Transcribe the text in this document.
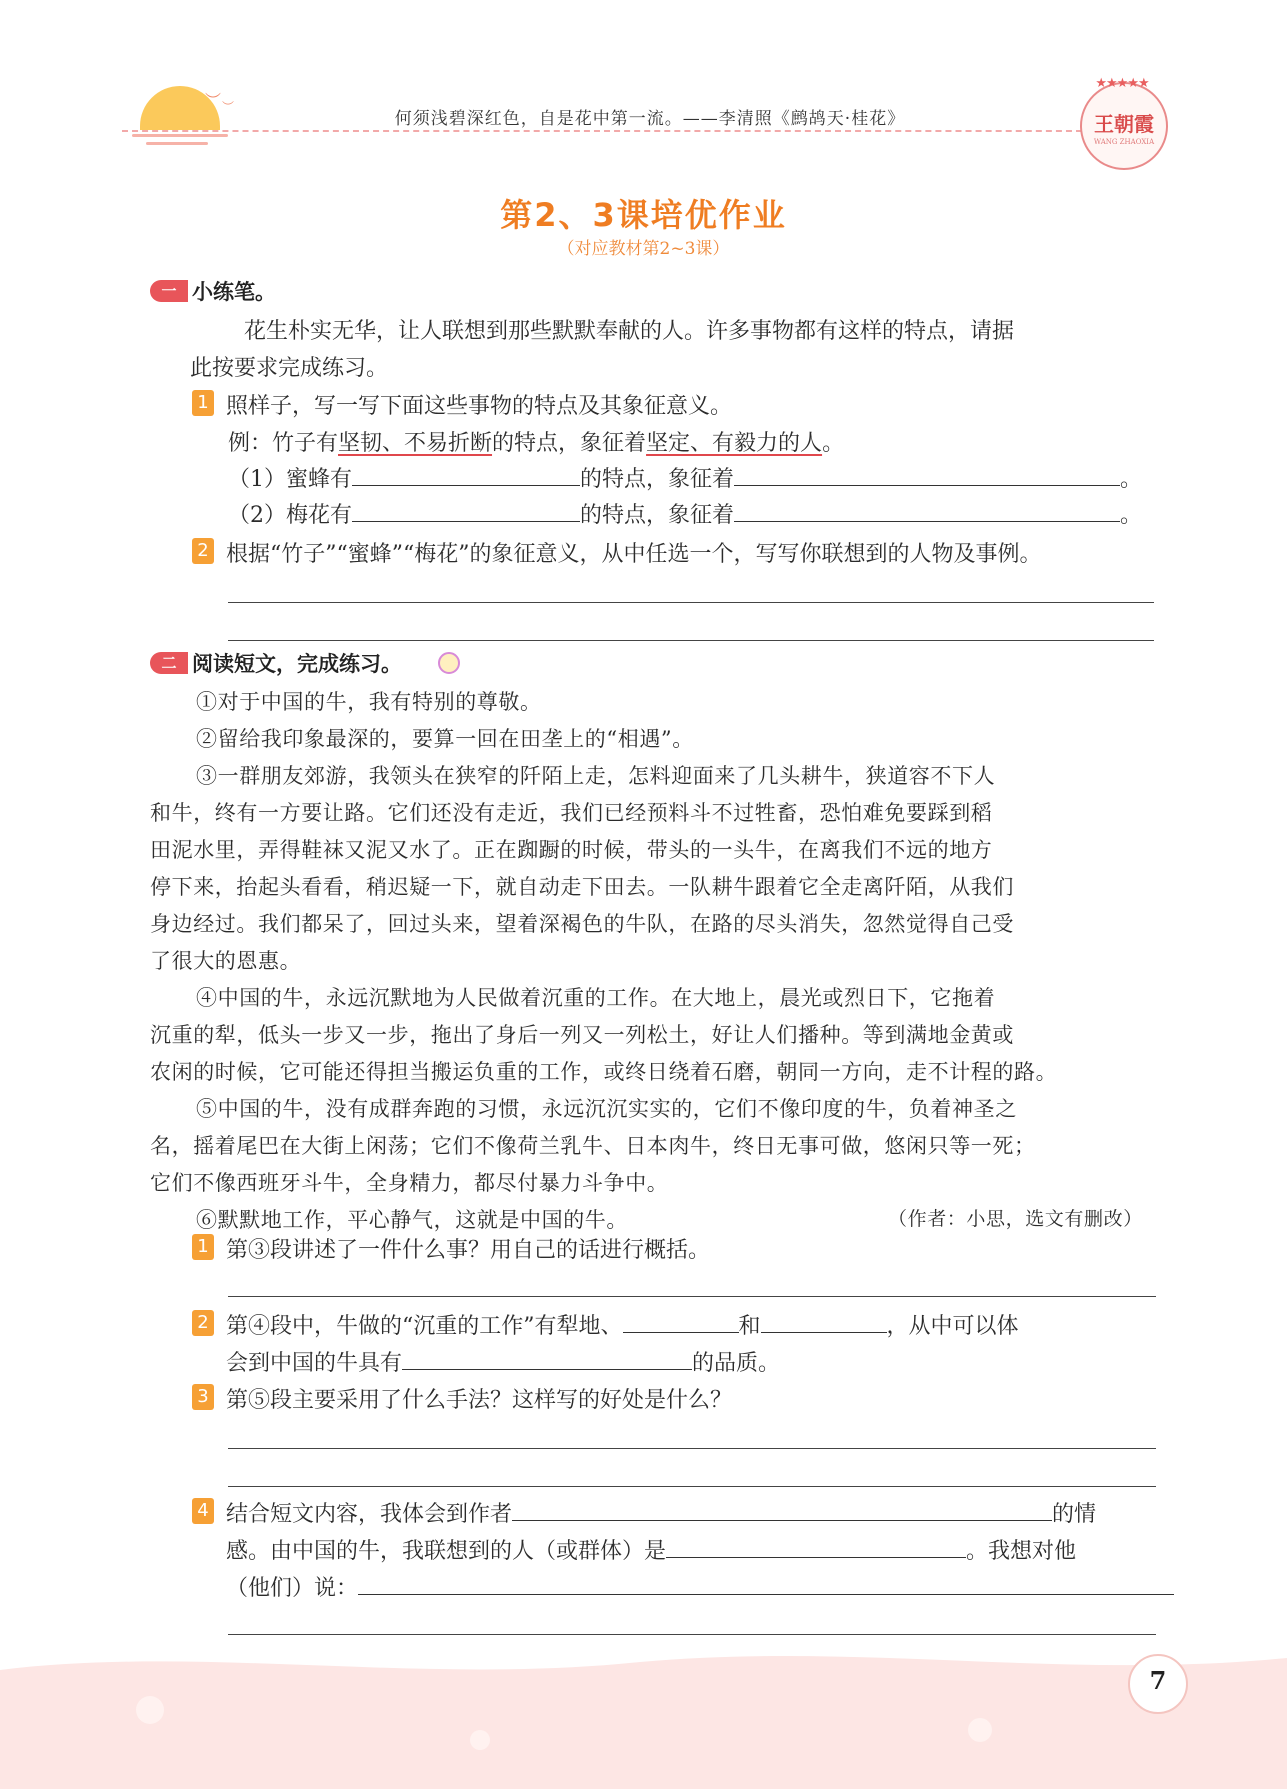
︶ ︶
何须浅碧深红色，自是花中第一流。——李清照《鹧鸪天·桂花》
★★★★★
王朝霞
WANG ZHAOXIA
第2、3课培优作业
（对应教材第2~3课）
一 小练笔。
花生朴实无华，让人联想到那些默默奉献的人。许多事物都有这样的特点，请据
此按要求完成练习。
1 照样子，写一写下面这些事物的特点及其象征意义。
例：竹子有坚韧、不易折断的特点，象征着坚定、有毅力的人。
（1）蜜蜂有	的特点，象征着	。
（2）梅花有	的特点，象征着	。
2 根据“竹子”“蜜蜂”“梅花”的象征意义，从中任选一个，写写你联想到的人物及事例。
二 阅读短文，完成练习。
①对于中国的牛，我有特别的尊敬。
②留给我印象最深的，要算一回在田垄上的“相遇”。
③一群朋友郊游，我领头在狭窄的阡陌上走，怎料迎面来了几头耕牛，狭道容不下人
和牛，终有一方要让路。它们还没有走近，我们已经预料斗不过牲畜，恐怕难免要踩到稻
田泥水里，弄得鞋袜又泥又水了。正在踟蹰的时候，带头的一头牛，在离我们不远的地方
停下来，抬起头看看，稍迟疑一下，就自动走下田去。一队耕牛跟着它全走离阡陌，从我们
身边经过。我们都呆了，回过头来，望着深褐色的牛队，在路的尽头消失，忽然觉得自己受
了很大的恩惠。
④中国的牛，永远沉默地为人民做着沉重的工作。在大地上，晨光或烈日下，它拖着
沉重的犁，低头一步又一步，拖出了身后一列又一列松土，好让人们播种。等到满地金黄或
农闲的时候，它可能还得担当搬运负重的工作，或终日绕着石磨，朝同一方向，走不计程的路。
⑤中国的牛，没有成群奔跑的习惯，永远沉沉实实的，它们不像印度的牛，负着神圣之
名，摇着尾巴在大街上闲荡；它们不像荷兰乳牛、日本肉牛，终日无事可做，悠闲只等一死；
它们不像西班牙斗牛，全身精力，都尽付暴力斗争中。
⑥默默地工作，平心静气，这就是中国的牛。	（作者：小思，选文有删改）
1 第③段讲述了一件什么事？用自己的话进行概括。
2 第④段中，牛做的“沉重的工作”有犁地、	和	，从中可以体
会到中国的牛具有	的品质。
3 第⑤段主要采用了什么手法？这样写的好处是什么？
4 结合短文内容，我体会到作者	的情
感。由中国的牛，我联想到的人（或群体）是	。我想对他
（他们）说：
7
